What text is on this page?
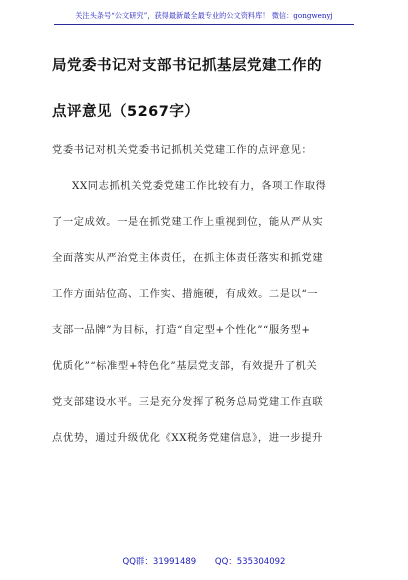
关注头条号“公文研究”，获得最新最全最专业的公文资料库！ 微信：gongwenyj
局党委书记对支部书记抓基层党建工作的
点评意见（5267字）
党委书记对机关党委书记抓机关党建工作的点评意见：
XX同志抓机关党委党建工作比较有力，各项工作取得
了一定成效。一是在抓党建工作上重视到位，能从严从实
全面落实从严治党主体责任，在抓主体责任落实和抓党建
工作方面站位高、工作实、措施硬，有成效。二是以“一
支部一品牌”为目标，打造“自定型+个性化”“服务型+
优质化”“标准型+特色化”基层党支部，有效提升了机关
党支部建设水平。三是充分发挥了税务总局党建工作直联
点优势，通过升级优化《XX税务党建信息》，进一步提升
QQ群：31991489 QQ：535304092
